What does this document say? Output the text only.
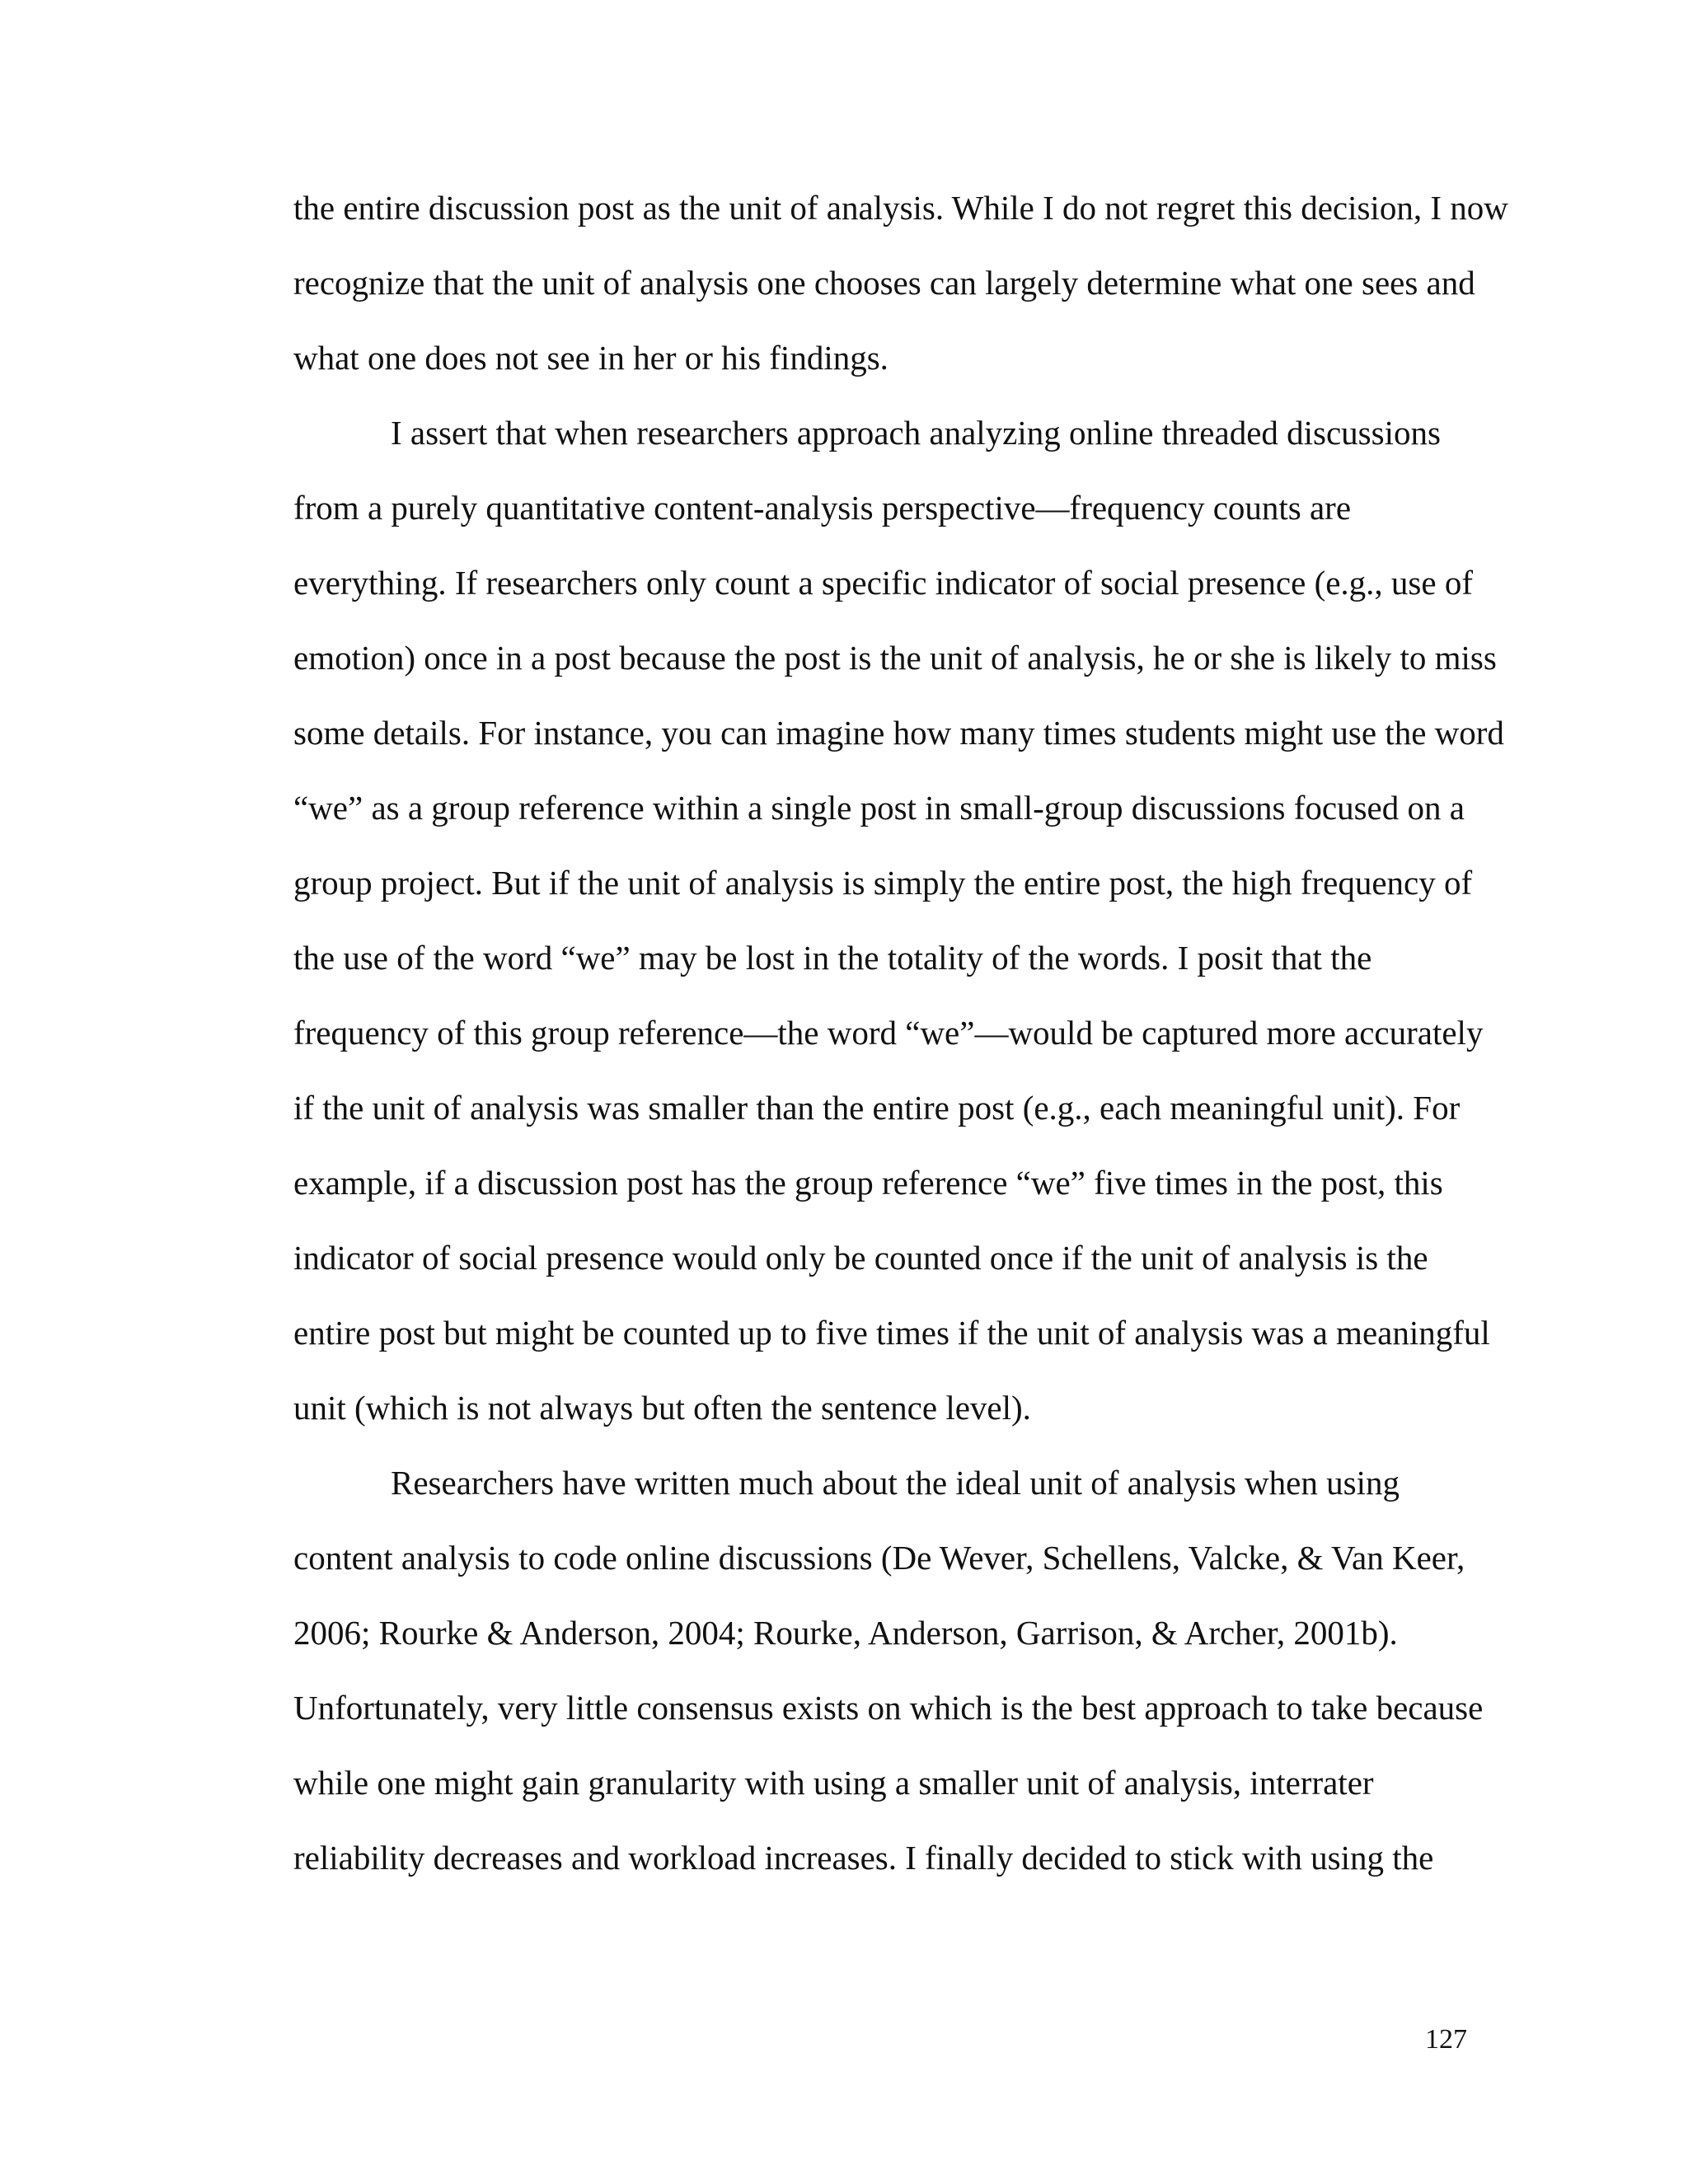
the entire discussion post as the unit of analysis. While I do not regret this decision, I now
recognize that the unit of analysis one chooses can largely determine what one sees and
what one does not see in her or his findings.
I assert that when researchers approach analyzing online threaded discussions
from a purely quantitative content-analysis perspective—frequency counts are
everything. If researchers only count a specific indicator of social presence (e.g., use of
emotion) once in a post because the post is the unit of analysis, he or she is likely to miss
some details. For instance, you can imagine how many times students might use the word
“we” as a group reference within a single post in small-group discussions focused on a
group project. But if the unit of analysis is simply the entire post, the high frequency of
the use of the word “we” may be lost in the totality of the words. I posit that the
frequency of this group reference—the word “we”—would be captured more accurately
if the unit of analysis was smaller than the entire post (e.g., each meaningful unit). For
example, if a discussion post has the group reference “we” five times in the post, this
indicator of social presence would only be counted once if the unit of analysis is the
entire post but might be counted up to five times if the unit of analysis was a meaningful
unit (which is not always but often the sentence level).
Researchers have written much about the ideal unit of analysis when using
content analysis to code online discussions (De Wever, Schellens, Valcke, & Van Keer,
2006; Rourke & Anderson, 2004; Rourke, Anderson, Garrison, & Archer, 2001b).
Unfortunately, very little consensus exists on which is the best approach to take because
while one might gain granularity with using a smaller unit of analysis, interrater
reliability decreases and workload increases. I finally decided to stick with using the
127
